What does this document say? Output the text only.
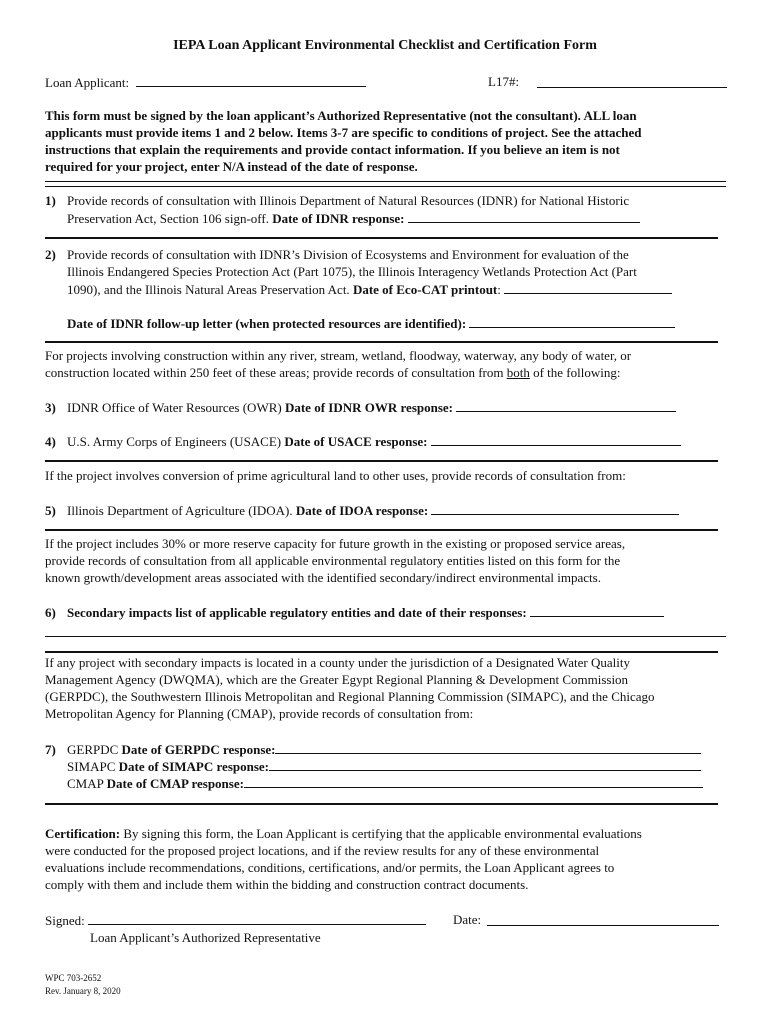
IEPA Loan Applicant Environmental Checklist and Certification Form
Loan Applicant:	L17#:
This form must be signed by the loan applicant’s Authorized Representative (not the consultant). ALL loan
applicants must provide items 1 and 2 below. Items 3-7 are specific to conditions of project. See the attached
instructions that explain the requirements and provide contact information. If you believe an item is not
required for your project, enter N/A instead of the date of response.
1) Provide records of consultation with Illinois Department of Natural Resources (IDNR) for National Historic
Preservation Act, Section 106 sign-off. Date of IDNR response:
2) Provide records of consultation with IDNR’s Division of Ecosystems and Environment for evaluation of the
Illinois Endangered Species Protection Act (Part 1075), the Illinois Interagency Wetlands Protection Act (Part
1090), and the Illinois Natural Areas Preservation Act. Date of Eco-CAT printout:
Date of IDNR follow-up letter (when protected resources are identified):
For projects involving construction within any river, stream, wetland, floodway, waterway, any body of water, or
construction located within 250 feet of these areas; provide records of consultation from both of the following:
3) IDNR Office of Water Resources (OWR) Date of IDNR OWR response:
4) U.S. Army Corps of Engineers (USACE) Date of USACE response:
If the project involves conversion of prime agricultural land to other uses, provide records of consultation from:
5) Illinois Department of Agriculture (IDOA). Date of IDOA response:
If the project includes 30% or more reserve capacity for future growth in the existing or proposed service areas,
provide records of consultation from all applicable environmental regulatory entities listed on this form for the
known growth/development areas associated with the identified secondary/indirect environmental impacts.
6) Secondary impacts list of applicable regulatory entities and date of their responses:
If any project with secondary impacts is located in a county under the jurisdiction of a Designated Water Quality
Management Agency (DWQMA), which are the Greater Egypt Regional Planning & Development Commission
(GERPDC), the Southwestern Illinois Metropolitan and Regional Planning Commission (SIMAPC), and the Chicago
Metropolitan Agency for Planning (CMAP), provide records of consultation from:
7) GERPDC Date of GERPDC response:
SIMAPC Date of SIMAPC response:
CMAP Date of CMAP response:
Certification: By signing this form, the Loan Applicant is certifying that the applicable environmental evaluations
were conducted for the proposed project locations, and if the review results for any of these environmental
evaluations include recommendations, conditions, certifications, and/or permits, the Loan Applicant agrees to
comply with them and include them within the bidding and construction contract documents.
Signed:	Date:
Loan Applicant’s Authorized Representative
WPC 703-2652
Rev. January 8, 2020
